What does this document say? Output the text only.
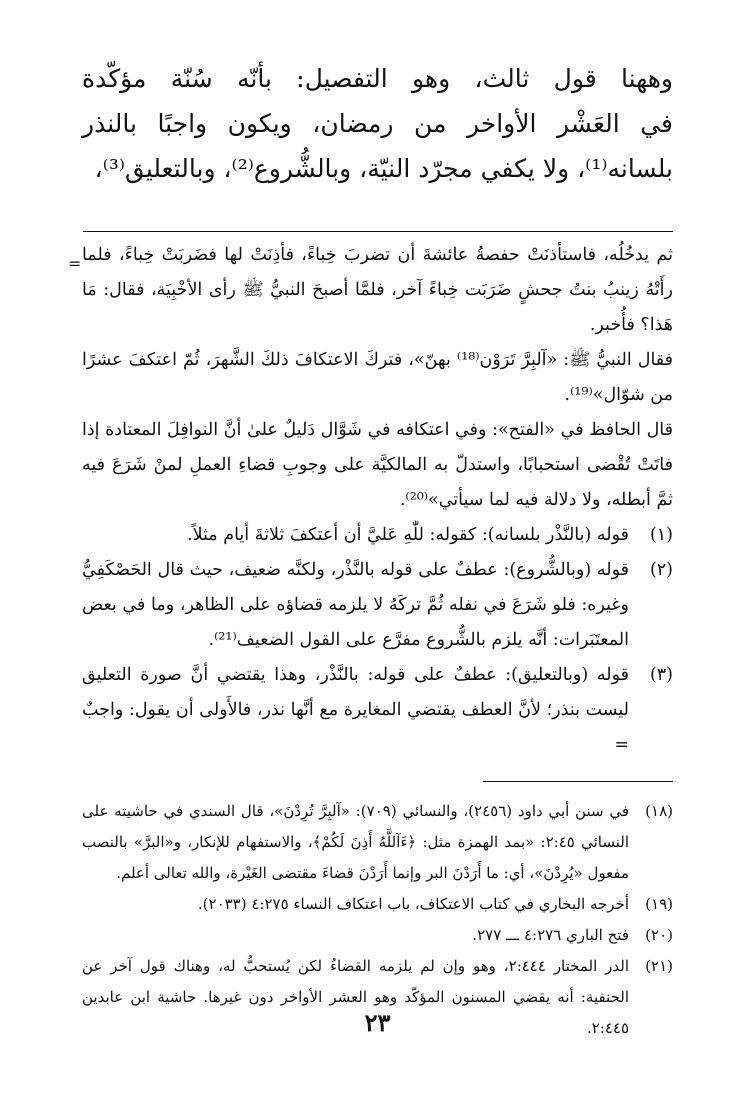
وههنا قول ثالث، وهو التفصيل: بأنّه سُنّة مؤكّدة

في العَشْر الأواخر من رمضان، ويكون واجبًا بالنذر

بلسانه⁽¹⁾، ولا يكفي مجرّد النيّة، وبالشُّروع⁽²⁾، وبالتعليق⁽³⁾،

= ثم يدخُلُه، فاستأذنَتْ حفصةُ عائشةَ أن تضربَ خِباءً، فأذِنَتْ لها فضَربَتْ خِباءً، فلما رأَتْهُ زينبُ بنتُ جحشٍ ضَرَبَت خِباءً آخر، فلمَّا أصبحَ النبيُّ ﷺ رأى الأخْبِيَة، فقال: مَا هَذا؟ فأُخبر.

فقال النبيُّ ﷺ: «آلبِرَّ تَرَوْن⁽¹⁸⁾ بهنّ»، فتركَ الاعتكافَ ذلكَ الشَّهرَ، ثُمّ اعتكفَ عشرًا من شوّال»⁽¹⁹⁾.

قال الحافظ في «الفتح»: وفي اعتكافه في شَوَّال دَليلٌ علىٰ أنَّ النوافِلَ المعتادة إذا فاتَتْ تُقْضى استحبابًا، واستدلّ به المالكيَّة على وجوبِ قضاءِ العملِ لمنْ شَرَعَ فيه ثمَّ أبطله، ولا دلالة فيه لما سيأتي»⁽²⁰⁾.

(١)
قوله (بالنَّذْر بلسانه): كقوله: للّٰهِ عَليَّ أن أعتكفَ ثلاثةَ أيام مثلاً.
(٢)
قوله (وبالشُّروع): عطفٌ على قوله بالنَّذْر، ولكنَّه ضعيف، حيث قال الحَصْكَفِيُّ وغيره: فلو شَرَعَ في نفله ثُمَّ تركَهُ لا يلزمه قضاؤه على الظاهر، وما في بعض المعتَبَرات: أنَّه يلزم بالشُّروع مفرَّع على القول الضعيف⁽²¹⁾.
(٣)
قوله (وبالتعليق): عطفٌ على قوله: بالنَّذْر، وهذا يقتضي أنَّ صورة التعليق ليست بنذر؛ لأنَّ العطف يقتضي المغايرة مع أنَّها نذر، فالأَولى أن يقول: واجبٌ =
(١٨)
في سنن أبي داود (٢٤٥٦)، والنسائي (٧٠٩): «آلبِرَّ تُرِدْنَ»، قال السندي في حاشيته على النسائي ٢:٤٥: «بمد الهمزة مثل: ﴿ءَآللَّهُ أَذِنَ لَكُمْ﴾، والاستفهام للإنكار، و«البرَّ» بالنصب مفعول «يُرِدْنَ»، أي: ما أَرَدْنَ البر وإنما أَرَدْنَ قضاءَ مقتضى الغَيْرة، والله تعالى أعلم.
(١٩)
أخرجه البخاري في كتاب الاعتكاف، باب اعتكاف النساء ٤:٢٧٥ (٢٠٣٣).
(٢٠)
فتح الباري ٤:٢٧٦ ـــ ٢٧٧.
(٢١)
الدر المختار ٢:٤٤٤، وهو وإن لم يلزمه القضاءُ لكن يُستحبُّ له، وهناك قول آخر عن الحنفية: أنه يقضي المسنون المؤكّد وهو العشر الأواخر دون غيرها. حاشية ابن عابدين ٢:٤٤٥.
٢٣
